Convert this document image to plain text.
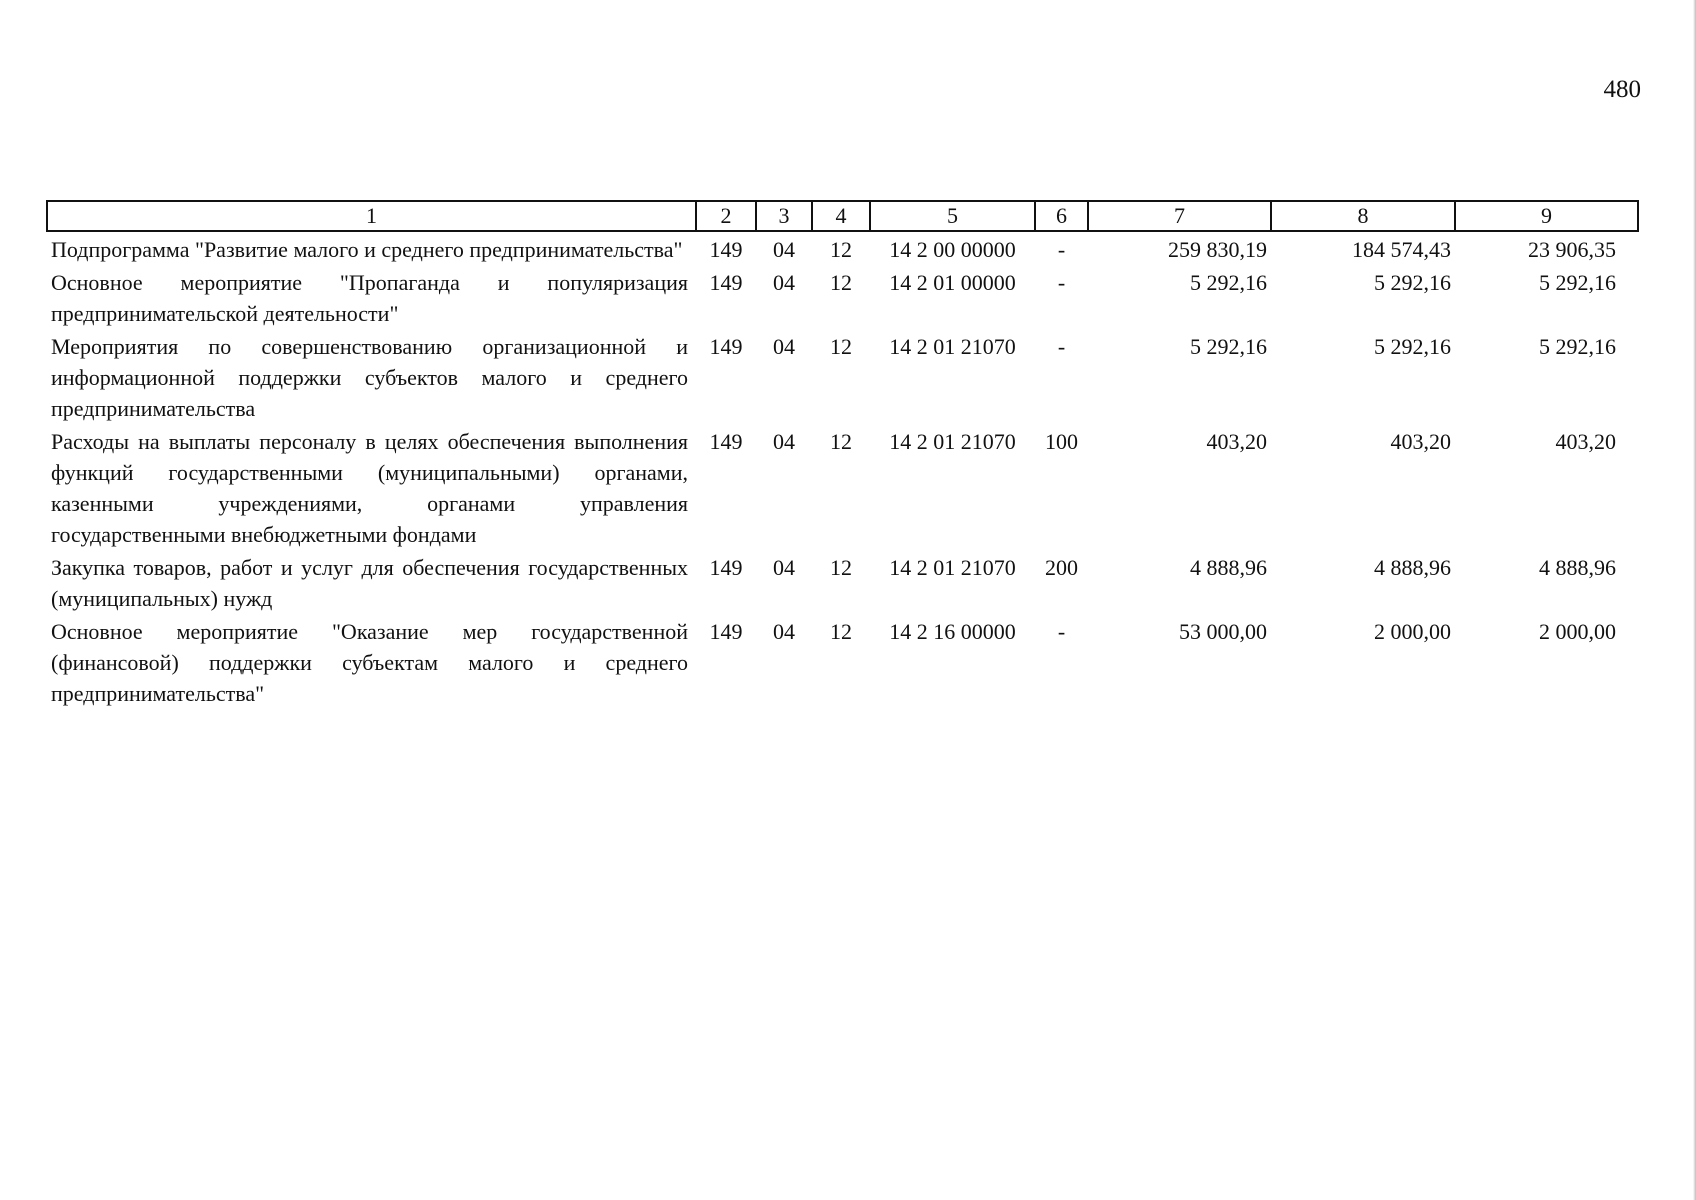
480
1	2	3	4	5	6	7	8	9
Подпрограмма "Развитие малого и среднего предпринимательства"	149	04	12	14 2 00 00000	-	259 830,19	184 574,43	23 906,35
Основное мероприятие "Пропаганда и популяризация предпринимательской деятельности"	149	04	12	14 2 01 00000	-	5 292,16	5 292,16	5 292,16
Мероприятия по совершенствованию организационной и информационной поддержки субъектов малого и среднего предпринимательства	149	04	12	14 2 01 21070	-	5 292,16	5 292,16	5 292,16
Расходы на выплаты персоналу в целях обеспечения выполнения функций государственными (муниципальными) органами, казенными учреждениями, органами управления государственными внебюджетными фондами	149	04	12	14 2 01 21070	100	403,20	403,20	403,20
Закупка товаров, работ и услуг для обеспечения государственных (муниципальных) нужд	149	04	12	14 2 01 21070	200	4 888,96	4 888,96	4 888,96
Основное мероприятие "Оказание мер государственной (финансовой) поддержки субъектам малого и среднего предпринимательства"	149	04	12	14 2 16 00000	-	53 000,00	2 000,00	2 000,00
